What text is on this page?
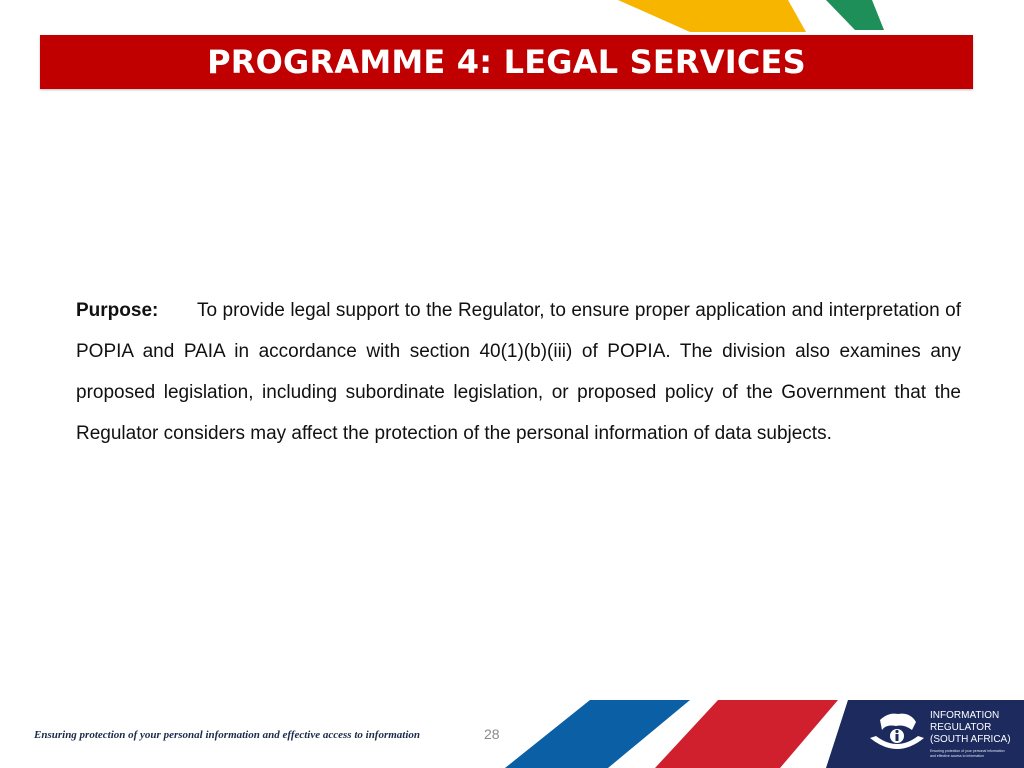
PROGRAMME 4: LEGAL SERVICES

Purpose: To provide legal support to the Regulator, to ensure proper application and interpretation of POPIA and PAIA in accordance with section 40(1)(b)(iii) of POPIA. The division also examines any proposed legislation, including subordinate legislation, or proposed policy of the Government that the Regulator considers may affect the protection of the personal information of data subjects.

Ensuring protection of your personal information and effective access to information	28
INFORMATION
REGULATOR
(SOUTH AFRICA)
Ensuring protection of your personal information and effective access to information
